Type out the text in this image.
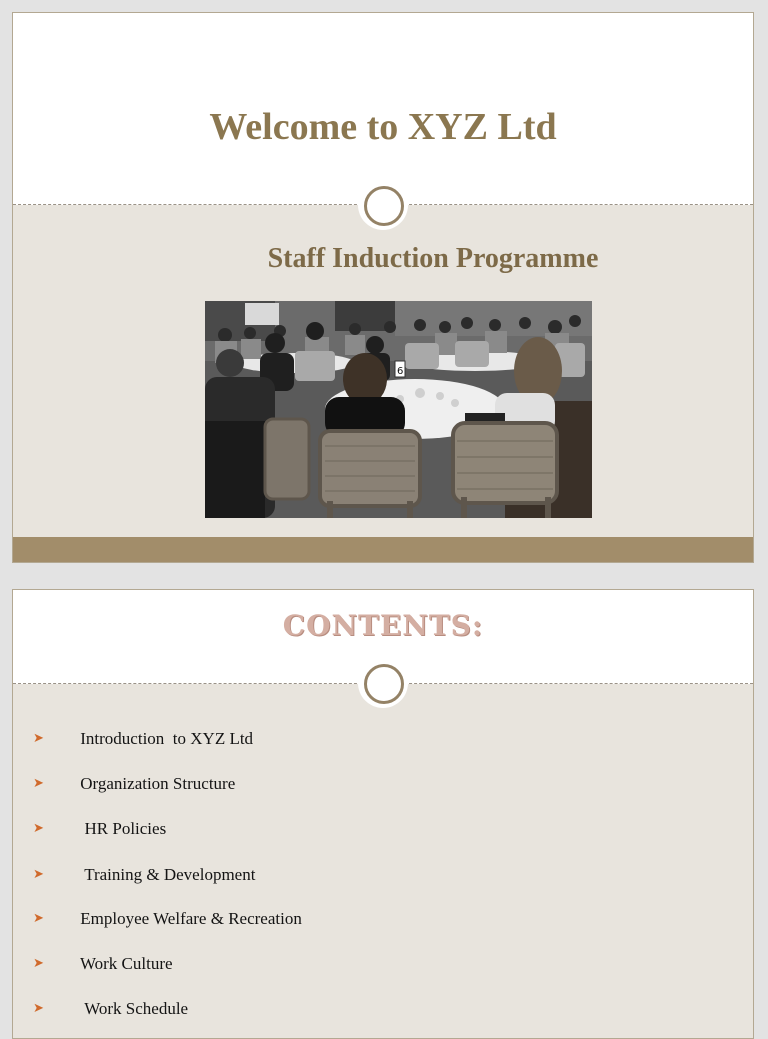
Welcome to XYZ Ltd
Staff Induction Programme
6
CONTENTS:
➤ Introduction  to XYZ Ltd
➤ Organization Structure
➤ HR Policies
➤ Training & Development
➤ Employee Welfare & Recreation
➤ Work Culture
➤ Work Schedule
